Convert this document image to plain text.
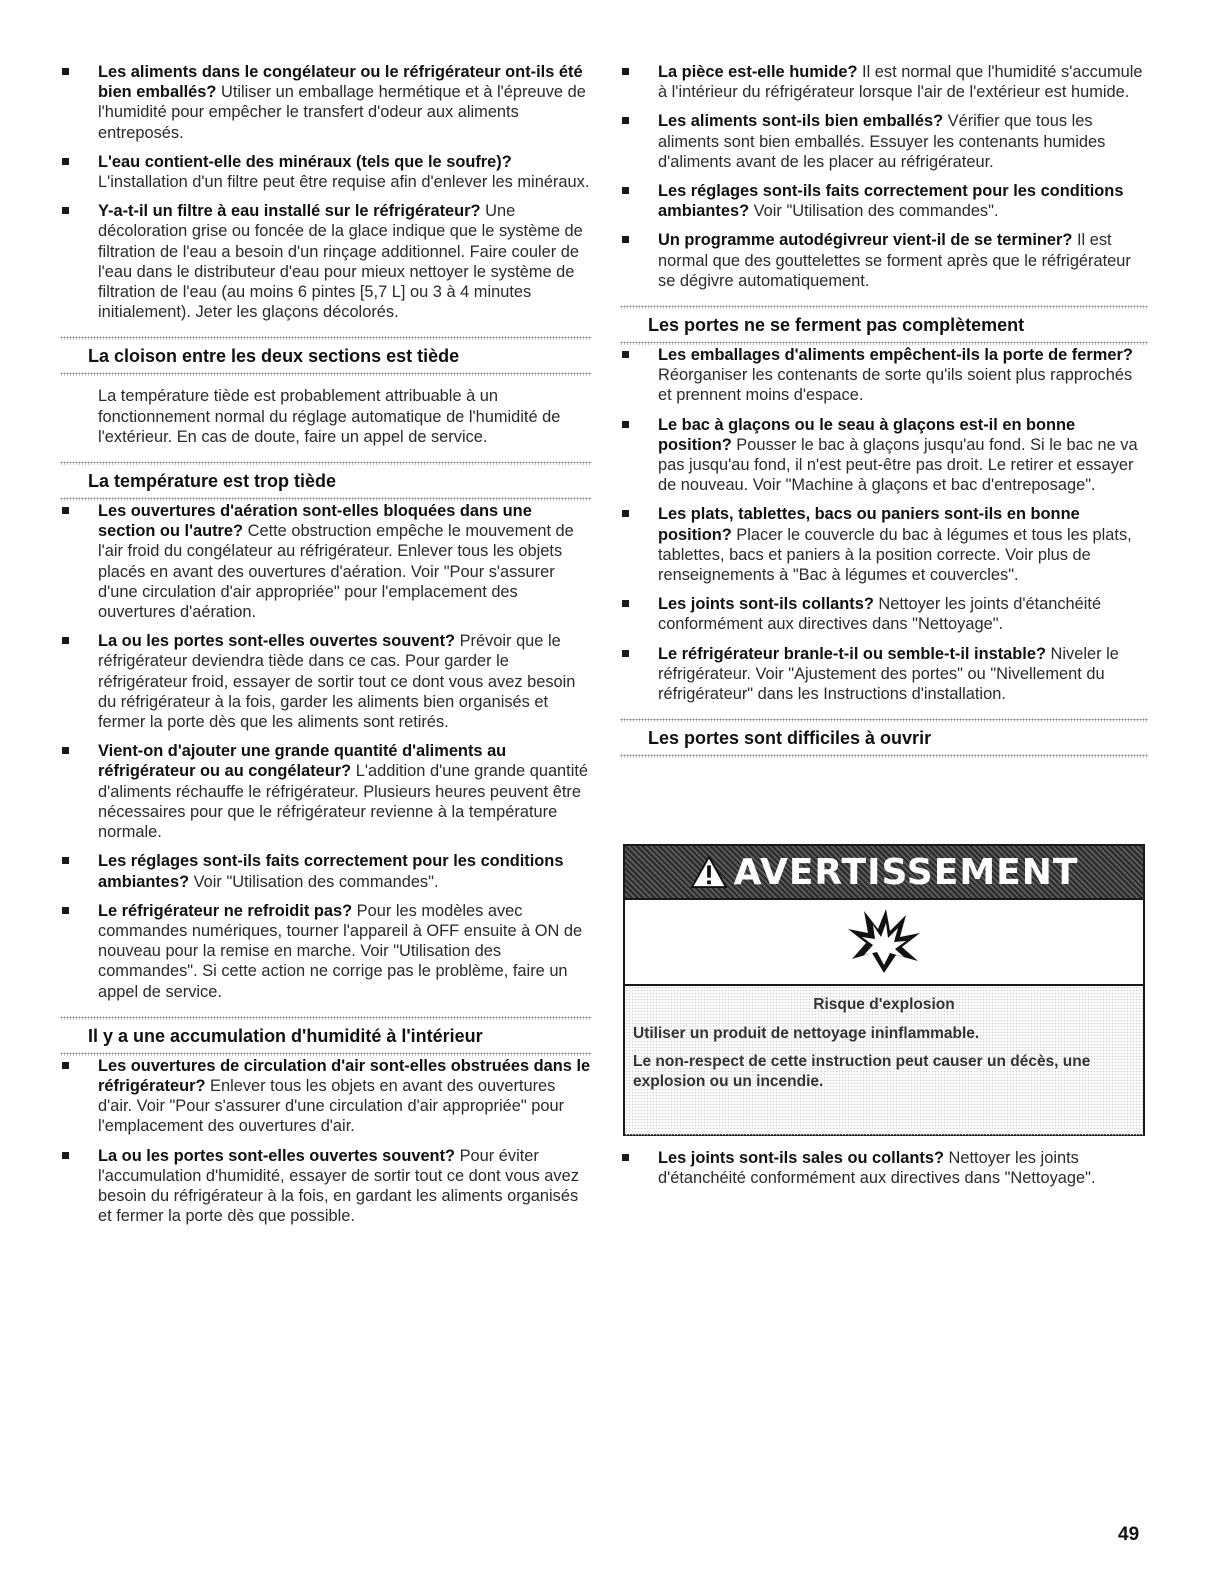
Les aliments dans le congélateur ou le réfrigérateur ont-ils été bien emballés? Utiliser un emballage hermétique et à l'épreuve de l'humidité pour empêcher le transfert d'odeur aux aliments entreposés.
L'eau contient-elle des minéraux (tels que le soufre)? L'installation d'un filtre peut être requise afin d'enlever les minéraux.
Y-a-t-il un filtre à eau installé sur le réfrigérateur? Une décoloration grise ou foncée de la glace indique que le système de filtration de l'eau a besoin d'un rinçage additionnel. Faire couler de l'eau dans le distributeur d'eau pour mieux nettoyer le système de filtration de l'eau (au moins 6 pintes [5,7 L] ou 3 à 4 minutes initialement). Jeter les glaçons décolorés.
La cloison entre les deux sections est tiède
La température tiède est probablement attribuable à un fonctionnement normal du réglage automatique de l'humidité de l'extérieur. En cas de doute, faire un appel de service.
La température est trop tiède
Les ouvertures d'aération sont-elles bloquées dans une section ou l'autre? Cette obstruction empêche le mouvement de l'air froid du congélateur au réfrigérateur. Enlever tous les objets placés en avant des ouvertures d'aération. Voir "Pour s'assurer d'une circulation d'air appropriée" pour l'emplacement des ouvertures d'aération.
La ou les portes sont-elles ouvertes souvent? Prévoir que le réfrigérateur deviendra tiède dans ce cas. Pour garder le réfrigérateur froid, essayer de sortir tout ce dont vous avez besoin du réfrigérateur à la fois, garder les aliments bien organisés et fermer la porte dès que les aliments sont retirés.
Vient-on d'ajouter une grande quantité d'aliments au réfrigérateur ou au congélateur? L'addition d'une grande quantité d'aliments réchauffe le réfrigérateur. Plusieurs heures peuvent être nécessaires pour que le réfrigérateur revienne à la température normale.
Les réglages sont-ils faits correctement pour les conditions ambiantes? Voir "Utilisation des commandes".
Le réfrigérateur ne refroidit pas? Pour les modèles avec commandes numériques, tourner l'appareil à OFF ensuite à ON de nouveau pour la remise en marche. Voir "Utilisation des commandes". Si cette action ne corrige pas le problème, faire un appel de service.
Il y a une accumulation d'humidité à l'intérieur
Les ouvertures de circulation d'air sont-elles obstruées dans le réfrigérateur? Enlever tous les objets en avant des ouvertures d'air. Voir "Pour s'assurer d'une circulation d'air appropriée" pour l'emplacement des ouvertures d'air.
La ou les portes sont-elles ouvertes souvent? Pour éviter l'accumulation d'humidité, essayer de sortir tout ce dont vous avez besoin du réfrigérateur à la fois, en gardant les aliments organisés et fermer la porte dès que possible.
La pièce est-elle humide? Il est normal que l'humidité s'accumule à l'intérieur du réfrigérateur lorsque l'air de l'extérieur est humide.
Les aliments sont-ils bien emballés? Vérifier que tous les aliments sont bien emballés. Essuyer les contenants humides d'aliments avant de les placer au réfrigérateur.
Les réglages sont-ils faits correctement pour les conditions ambiantes? Voir "Utilisation des commandes".
Un programme autodégivreur vient-il de se terminer? Il est normal que des gouttelettes se forment après que le réfrigérateur se dégivre automatiquement.
Les portes ne se ferment pas complètement
Les emballages d'aliments empêchent-ils la porte de fermer? Réorganiser les contenants de sorte qu'ils soient plus rapprochés et prennent moins d'espace.
Le bac à glaçons ou le seau à glaçons est-il en bonne position? Pousser le bac à glaçons jusqu'au fond. Si le bac ne va pas jusqu'au fond, il n'est peut-être pas droit. Le retirer et essayer de nouveau. Voir "Machine à glaçons et bac d'entreposage".
Les plats, tablettes, bacs ou paniers sont-ils en bonne position? Placer le couvercle du bac à légumes et tous les plats, tablettes, bacs et paniers à la position correcte. Voir plus de renseignements à "Bac à légumes et couvercles".
Les joints sont-ils collants? Nettoyer les joints d'étanchéité conformément aux directives dans "Nettoyage".
Le réfrigérateur branle-t-il ou semble-t-il instable? Niveler le réfrigérateur. Voir "Ajustement des portes" ou "Nivellement du réfrigérateur" dans les Instructions d'installation.
Les portes sont difficiles à ouvrir
AVERTISSEMENT
Risque d'explosion
Utiliser un produit de nettoyage ininflammable.
Le non-respect de cette instruction peut causer un décès, une explosion ou un incendie.
Les joints sont-ils sales ou collants? Nettoyer les joints d'étanchéité conformément aux directives dans "Nettoyage".
49
